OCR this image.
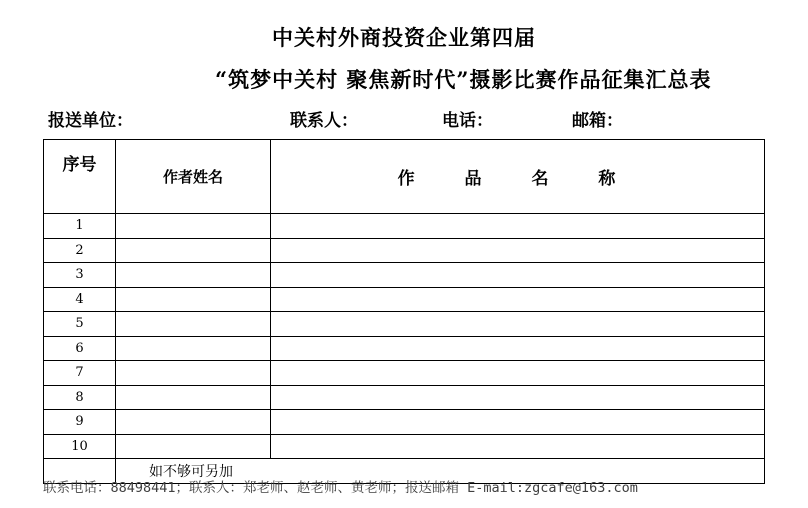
中关村外商投资企业第四届
“筑梦中关村 聚焦新时代”摄影比赛作品征集汇总表
报送单位：	联系人：	电话：	邮箱：
序号	作者姓名	作 品 名 称
1		
2		
3		
4		
5		
6		
7		
8		
9		
10		
	如不够可另加	
联系电话：88498441；联系人：郑老师、赵老师、黄老师；报送邮箱 E-mail:zgcafe@163.com
